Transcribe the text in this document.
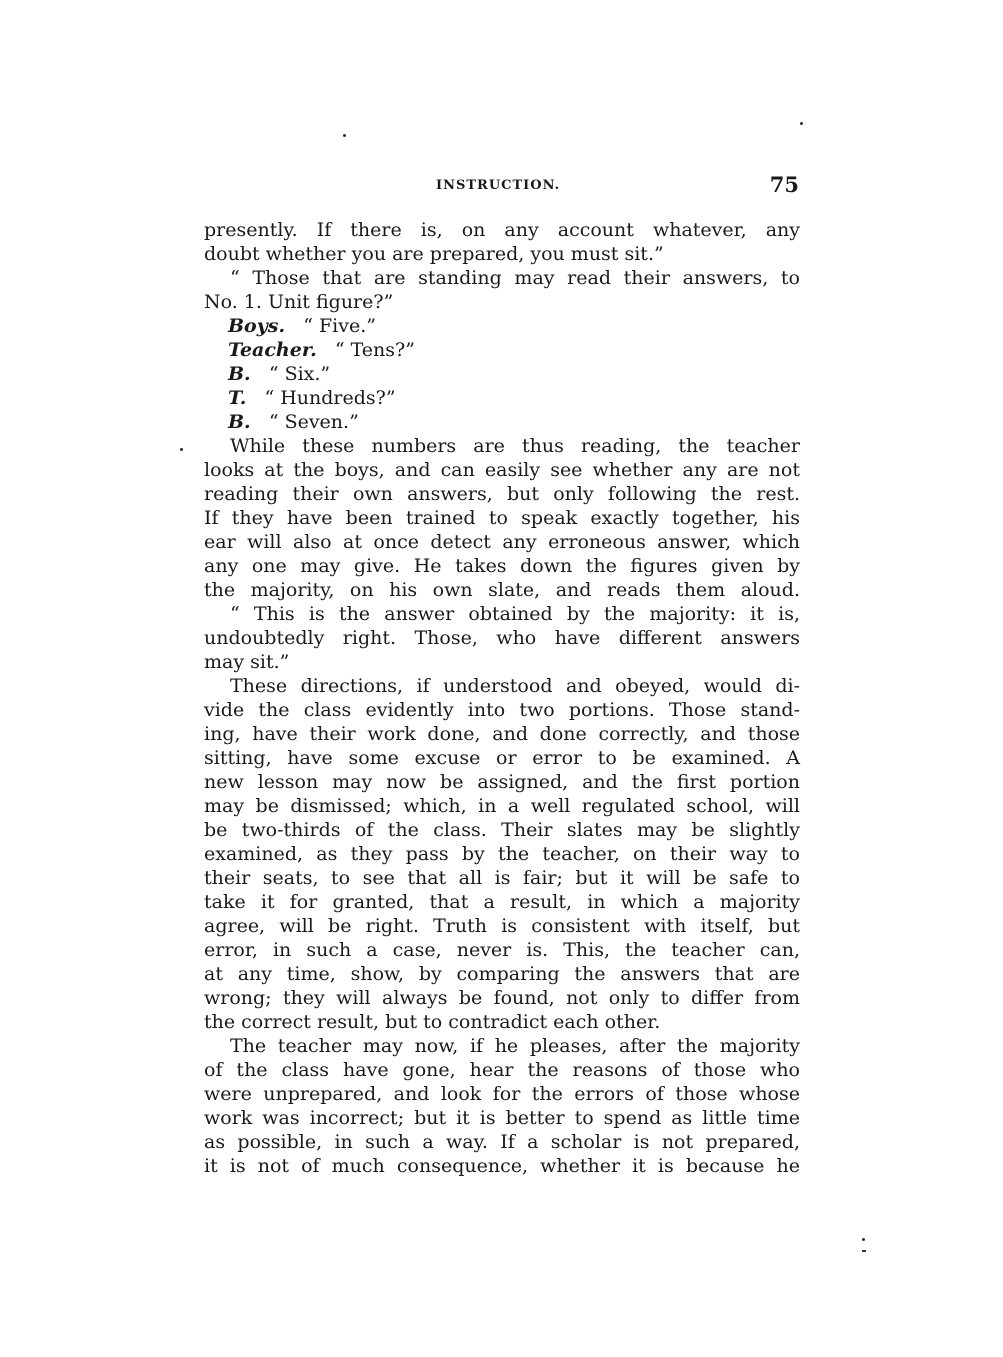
INSTRUCTION.	75
presently. If there is, on any account whatever, any
doubt whether you are prepared, you must sit.”
“ Those that are standing may read their answers, to
No. 1. Unit figure?”
Boys. “ Five.”
Teacher. “ Tens?”
B. “ Six.”
T. “ Hundreds?”
B. “ Seven.”
While these numbers are thus reading, the teacher
looks at the boys, and can easily see whether any are not
reading their own answers, but only following the rest.
If they have been trained to speak exactly together, his
ear will also at once detect any erroneous answer, which
any one may give. He takes down the figures given by
the majority, on his own slate, and reads them aloud.
“ This is the answer obtained by the majority: it is,
undoubtedly right. Those, who have different answers
may sit.”
These directions, if understood and obeyed, would di-
vide the class evidently into two portions. Those stand-
ing, have their work done, and done correctly, and those
sitting, have some excuse or error to be examined. A
new lesson may now be assigned, and the first portion
may be dismissed; which, in a well regulated school, will
be two-thirds of the class. Their slates may be slightly
examined, as they pass by the teacher, on their way to
their seats, to see that all is fair; but it will be safe to
take it for granted, that a result, in which a majority
agree, will be right. Truth is consistent with itself, but
error, in such a case, never is. This, the teacher can,
at any time, show, by comparing the answers that are
wrong; they will always be found, not only to differ from
the correct result, but to contradict each other.
The teacher may now, if he pleases, after the majority
of the class have gone, hear the reasons of those who
were unprepared, and look for the errors of those whose
work was incorrect; but it is better to spend as little time
as possible, in such a way. If a scholar is not prepared,
it is not of much consequence, whether it is because he
